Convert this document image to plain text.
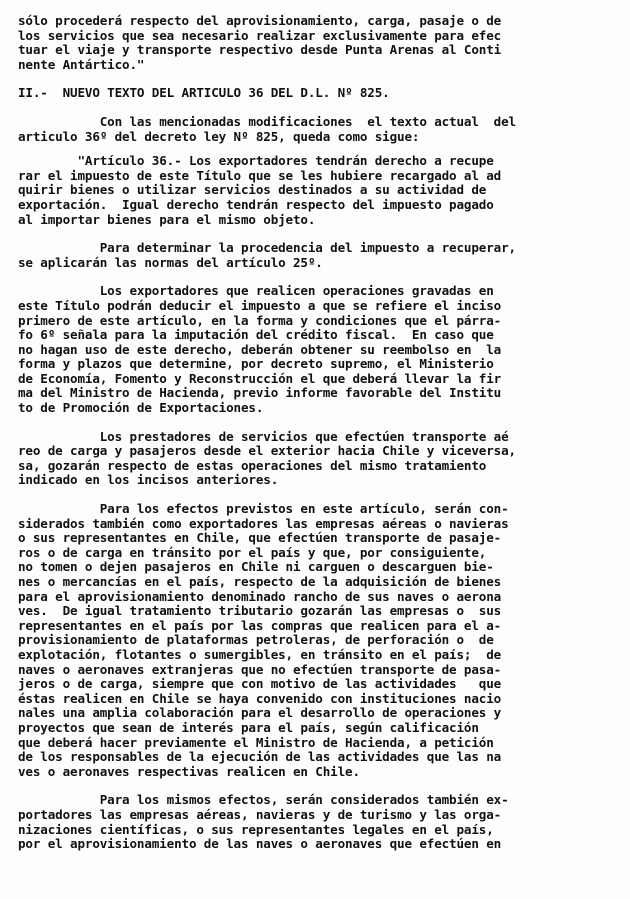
sólo procederá respecto del aprovisionamiento, carga, pasaje o de
los servicios que sea necesario realizar exclusivamente para efec
tuar el viaje y transporte respectivo desde Punta Arenas al Conti
nente Antártico."
II.-  NUEVO TEXTO DEL ARTICULO 36 DEL D.L. Nº 825.
Con las mencionadas modificaciones  el texto actual  del
articulo 36º del decreto ley Nº 825, queda como sigue:
"Artículo 36.- Los exportadores tendrán derecho a recupe
rar el impuesto de este Título que se les hubiere recargado al ad
quirir bienes o utilizar servicios destinados a su actividad de
exportación.  Igual derecho tendrán respecto del impuesto pagado
al importar bienes para el mismo objeto.
Para determinar la procedencia del impuesto a recuperar,
se aplicarán las normas del artículo 25º.
Los exportadores que realicen operaciones gravadas en
este Título podrán deducir el impuesto a que se refiere el inciso
primero de este artículo, en la forma y condiciones que el párra-
fo 6º señala para la imputación del crédito fiscal.  En caso que
no hagan uso de este derecho, deberán obtener su reembolso en  la
forma y plazos que determine, por decreto supremo, el Ministerio
de Economía, Fomento y Reconstrucción el que deberá llevar la fir
ma del Ministro de Hacienda, previo informe favorable del Institu
to de Promoción de Exportaciones.
Los prestadores de servicios que efectúen transporte aé
reo de carga y pasajeros desde el exterior hacia Chile y viceversa,
sa, gozarán respecto de estas operaciones del mismo tratamiento
indicado en los incisos anteriores.
Para los efectos previstos en este artículo, serán con-
siderados también como exportadores las empresas aéreas o navieras
o sus representantes en Chile, que efectúen transporte de pasaje-
ros o de carga en tránsito por el país y que, por consiguiente,
no tomen o dejen pasajeros en Chile ni carguen o descarguen bie-
nes o mercancías en el país, respecto de la adquisición de bienes
para el aprovisionamiento denominado rancho de sus naves o aerona
ves.  De igual tratamiento tributario gozarán las empresas o  sus
representantes en el país por las compras que realicen para el a-
provisionamiento de plataformas petroleras, de perforación o  de
explotación, flotantes o sumergibles, en tránsito en el país;  de
naves o aeronaves extranjeras que no efectúen transporte de pasa-
jeros o de carga, siempre que con motivo de las actividades   que
éstas realicen en Chile se haya convenido con instituciones nacio
nales una amplia colaboración para el desarrollo de operaciones y
proyectos que sean de interés para el país, según calificación
que deberá hacer previamente el Ministro de Hacienda, a petición
de los responsables de la ejecución de las actividades que las na
ves o aeronaves respectivas realicen en Chile.
Para los mismos efectos, serán considerados también ex-
portadores las empresas aéreas, navieras y de turismo y las orga-
nizaciones científicas, o sus representantes legales en el país,
por el aprovisionamiento de las naves o aeronaves que efectúen en
